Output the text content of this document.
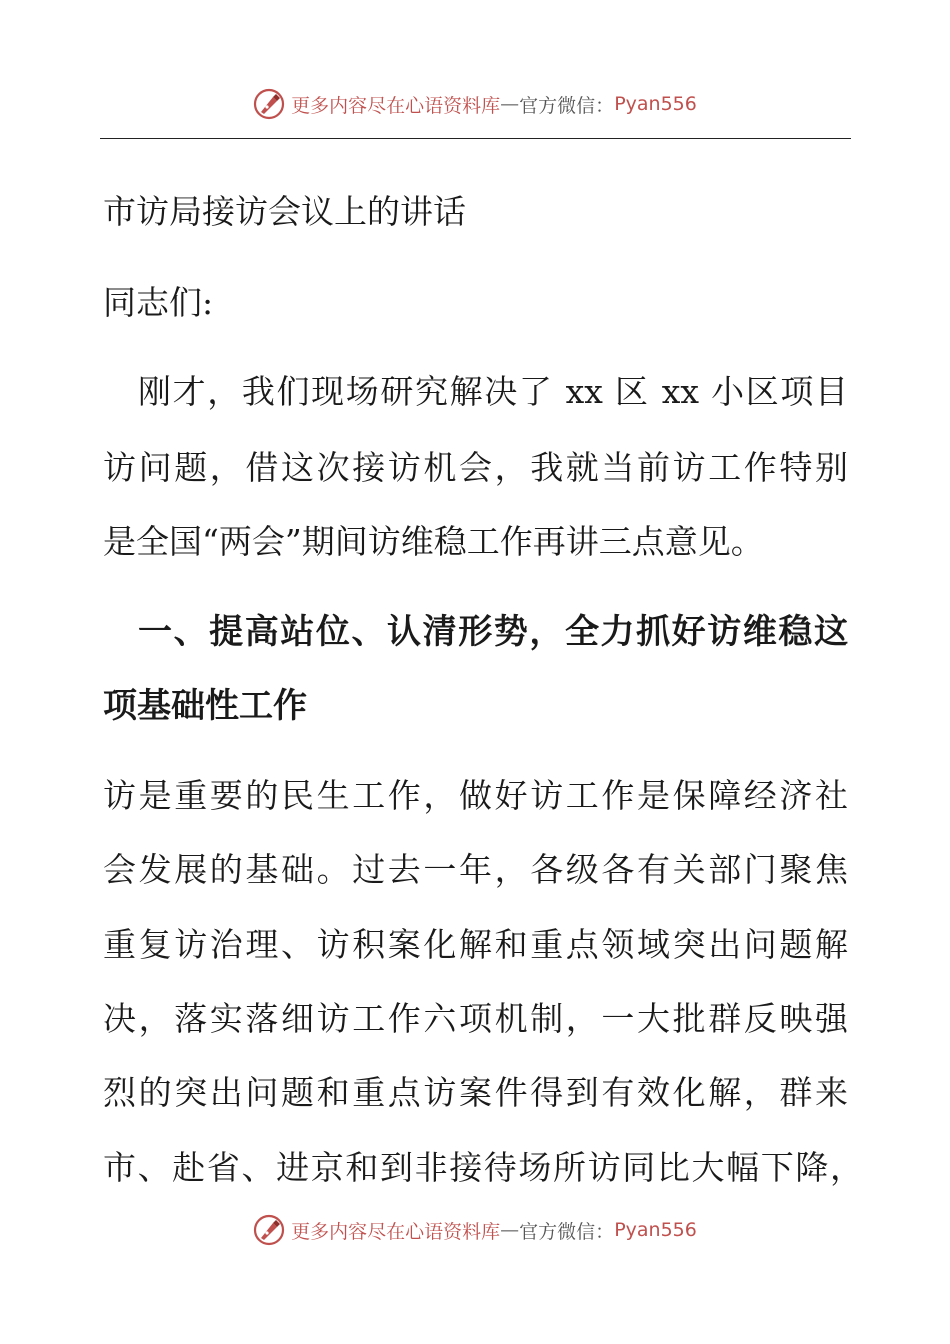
更多内容尽在心语资料库 — 官方微信： Pyan556
市访局接访会议上的讲话
同志们:
刚才，我们现场研究解决了 xx 区 xx 小区项目
访问题，借这次接访机会，我就当前访工作特别
是全国“两会”期间访维稳工作再讲三点意见。
一、提高站位、认清形势，全力抓好访维稳这
项基础性工作
访是重要的民生工作，做好访工作是保障经济社
会发展的基础。过去一年，各级各有关部门聚焦
重复访治理、访积案化解和重点领域突出问题解
决，落实落细访工作六项机制，一大批群反映强
烈的突出问题和重点访案件得到有效化解，群来
市、赴省、进京和到非接待场所访同比大幅下降，
更多内容尽在心语资料库 — 官方微信： Pyan556
